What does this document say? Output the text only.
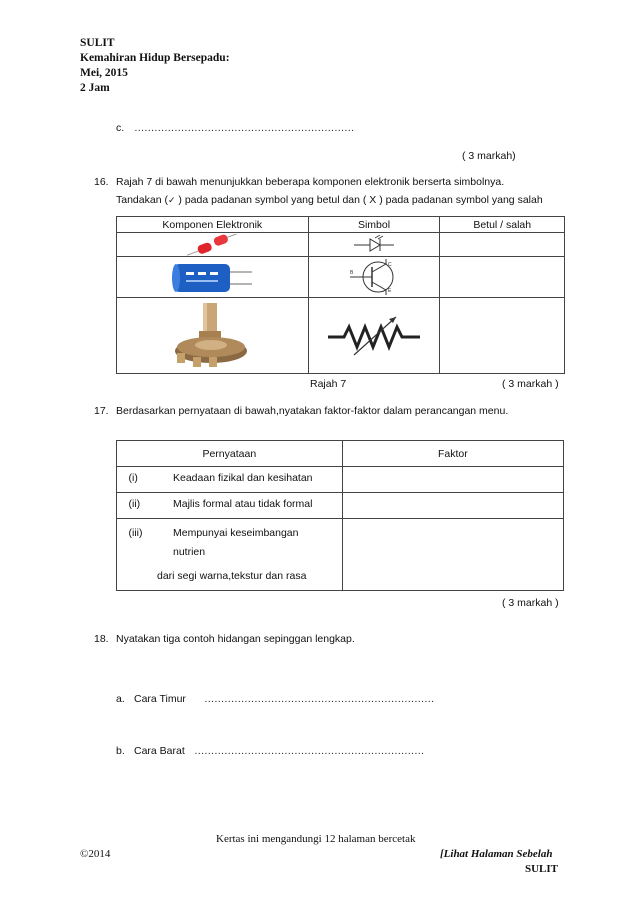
SULIT
Kemahiran Hidup Bersepadu:
Mei, 2015
2 Jam
c. …………………………………………………………
( 3 markah)
16. Rajah 7 di bawah menunjukkan beberapa komponen elektronik berserta simbolnya.
Tandakan (✓ ) pada padanan symbol yang betul dan ( X ) pada padanan symbol yang salah
Komponen Elektronik	Simbol	Betul / salah

B
C
E	

Rajah 7	( 3 markah )
17. Berdasarkan pernyataan di bawah,nyatakan faktor-faktor dalam perancangan menu.
Pernyataan	Faktor

(i) Keadaan fizikal dan kesihatan	

(ii) Majlis formal atau tidak formal	

(iii) Mempunyai keseimbangan
nutrien
dari segi warna,tekstur dan rasa	

( 3 markah )
18. Nyatakan tiga contoh hidangan sepinggan lengkap.
a. Cara Timur ……………………………………………………………
b. Cara Barat ……………………………………………………………
Kertas ini mengandungi 12 halaman bercetak
©2014	[Lihat Halaman Sebelah
SULIT
